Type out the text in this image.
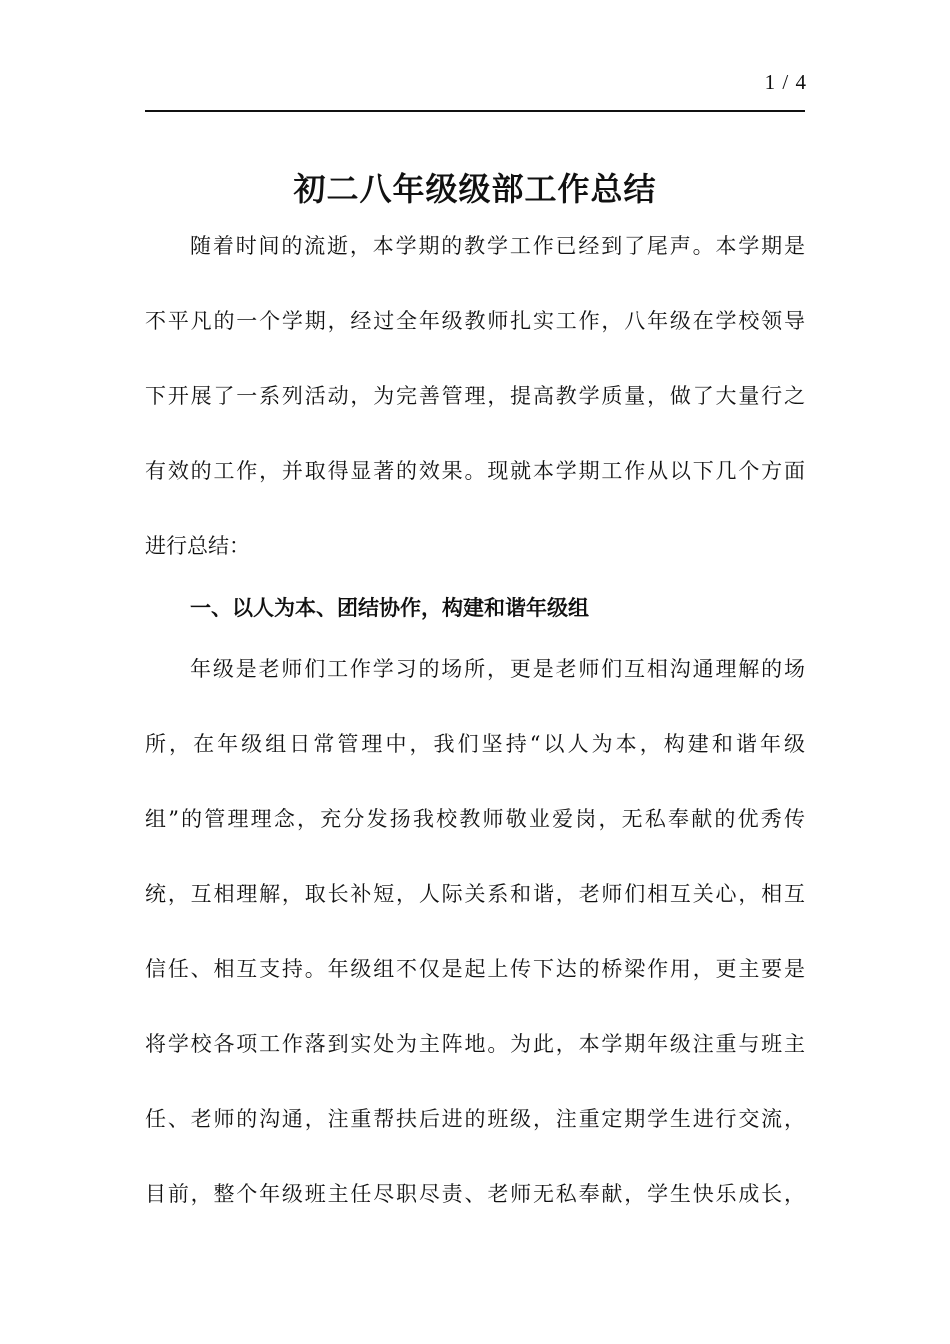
1 / 4
初二八年级级部工作总结
随着时间的流逝，本学期的教学工作已经到了尾声。本学期是
不平凡的一个学期，经过全年级教师扎实工作，八年级在学校领导
下开展了一系列活动，为完善管理，提高教学质量，做了大量行之
有效的工作，并取得显著的效果。现就本学期工作从以下几个方面
进行总结：
一、以人为本、团结协作，构建和谐年级组
年级是老师们工作学习的场所，更是老师们互相沟通理解的场
所，在年级组日常管理中，我们坚持“以人为本，构建和谐年级
组”的管理理念，充分发扬我校教师敬业爱岗，无私奉献的优秀传
统，互相理解，取长补短，人际关系和谐，老师们相互关心，相互
信任、相互支持。年级组不仅是起上传下达的桥梁作用，更主要是
将学校各项工作落到实处为主阵地。为此，本学期年级注重与班主
任、老师的沟通，注重帮扶后进的班级，注重定期学生进行交流，
目前，整个年级班主任尽职尽责、老师无私奉献，学生快乐成长，
